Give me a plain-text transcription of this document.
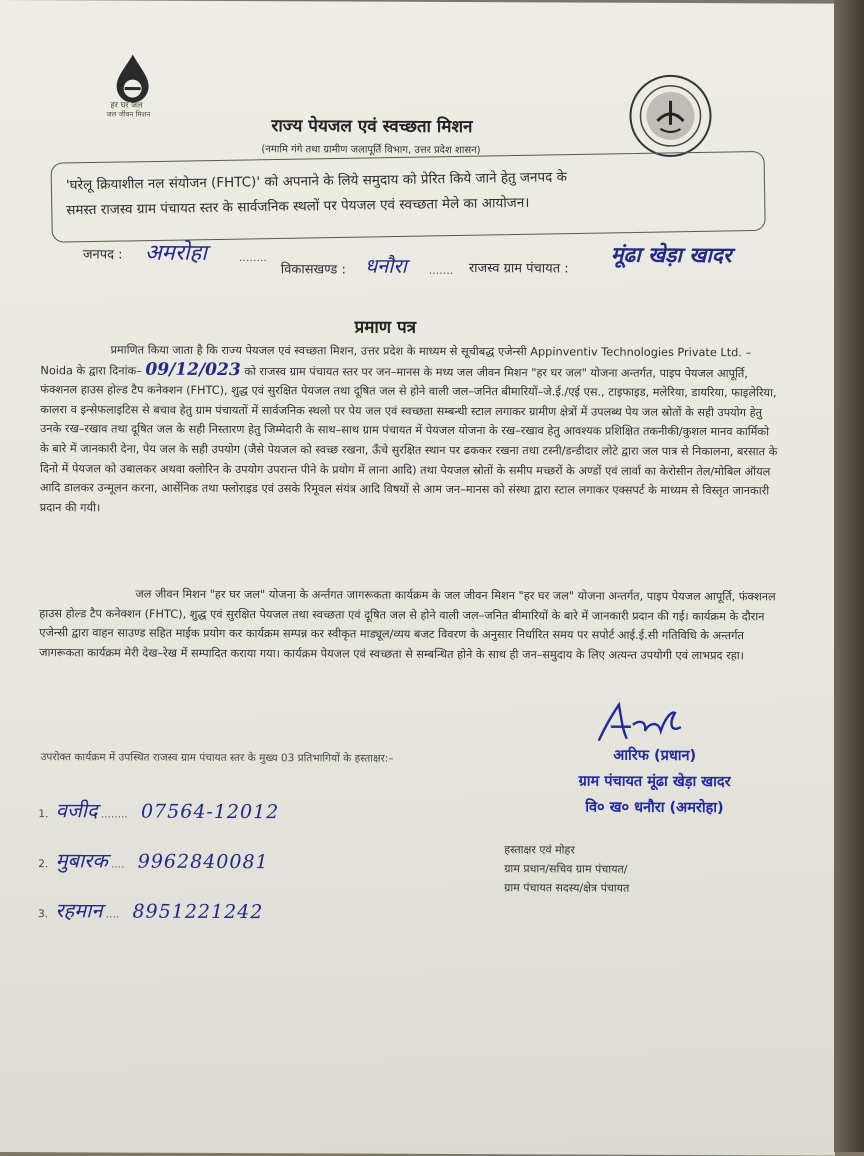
हर घर जल
जल जीवन मिशन
राज्य पेयजल एवं स्वच्छता मिशन
(नमामि गंगे तथा ग्रामीण जलापूर्ति विभाग, उत्तर प्रदेश शासन)

'घरेलू क्रियाशील नल संयोजन (FHTC)' को अपनाने के लिये समुदाय को प्रेरित किये जाने हेतु जनपद के
समस्त राजस्व ग्राम पंचायत स्तर के सार्वजनिक स्थलों पर पेयजल एवं स्वच्छता मेले का आयोजन।

जनपद : अमरोहा	........
विकासखण्ड : धनौरा ....... राजस्व ग्राम पंचायत :
मूंढा खेड़ा खादर
प्रमाण पत्र

प्रमाणित किया जाता है कि राज्य पेयजल एवं स्वच्छता मिशन, उत्तर प्रदेश के माध्यम से सूचीबद्ध एजेन्सी Appinventiv Technologies Private Ltd. – Noida के द्वारा दिनांक– 09/12/023 को राजस्व ग्राम पंचायत स्तर पर जन–मानस के मध्य जल जीवन मिशन "हर घर जल" योजना अन्तर्गत, पाइप पेयजल आपूर्ति, फंक्शनल हाउस होल्ड टैप कनेक्शन (FHTC), शुद्ध एवं सुरक्षित पेयजल तथा दूषित जल से होने वाली जल–जनित बीमारियों–जे.ई./एई एस., टाइफाइड, मलेरिया, डायरिया, फाइलेरिया, कालरा व इन्सेफलाइटिस से बचाव हेतु ग्राम पंचायतों में सार्वजनिक स्थलो पर पेय जल एवं स्वच्छता सम्बन्धी स्टाल लगाकर ग्रामीण क्षेत्रों में उपलब्ध पेय जल स्रोतों के सही उपयोग हेतु उनके रख–रखाव तथा दूषित जल के सही निस्तारण हेतु जिम्मेदारी के साथ–साथ ग्राम पंचायत में पेयजल योजना के रख–रखाव हेतु आवश्यक प्रशिक्षित तकनीकी/कुशल मानव कार्मिको के बारे में जानकारी देना, पेय जल के सही उपयोग (जैसे पेयजल को स्वच्छ रखना, ऊँचे सुरक्षित स्थान पर ढककर रखना तथा टस्नी/डन्डीदार लोटे द्वारा जल पात्र से निकालना, बरसात के दिनो में पेयजल को उबालकर अथवा क्लोरिन के उपयोग उपरान्त पीने के प्रयोग में लाना आदि) तथा पेयजल स्रोतों के समीप मच्छरों के अण्डों एवं लार्वा का केरोसीन तेल/मोबिल ऑयल आदि डालकर उन्मूलन करना, आर्सेनिक तथा फ्लोराइड एवं उसके रिमूवल संयंत्र आदि विषयों से आम जन–मानस को संस्था द्वारा स्टाल लगाकर एक्सपर्ट के माध्यम से विस्तृत जानकारी प्रदान की गयी।

जल जीवन मिशन "हर घर जल" योजना के अर्न्तगत जागरूकता कार्यक्रम के जल जीवन मिशन "हर घर जल" योजना अन्तर्गत, पाइप पेयजल आपूर्ति, फंक्शनल हाउस होल्ड टैप कनेक्शन (FHTC), शुद्ध एवं सुरक्षित पेयजल तथा स्वच्छता एवं दूषित जल से होने वाली जल–जनित बीमारियों के बारे में जानकारी प्रदान की गई। कार्यक्रम के दौरान एजेन्सी द्वारा वाहन साउण्ड सहित माईक प्रयोग कर कार्यक्रम सम्पन्न कर स्वीकृत माड्यूल/व्यय बजट विवरण के अनुसार निर्धारित समय पर सपोर्ट आई.ई.सी गतिविधि के अन्तर्गत जागरूकता कार्यक्रम मेरी देख–रेख में सम्पादित कराया गया। कार्यक्रम पेयजल एवं स्वच्छता से सम्बन्धित होने के साथ ही जन–समुदाय के लिए अत्यन्त उपयोगी एवं लाभप्रद रहा।

उपरोक्त कार्यक्रम में उपस्थित राजस्व ग्राम पंचायत स्तर के मुख्य 03 प्रतिभागियों के हस्ताक्षर:–
1. वजीद ........ 07564-12012
2. मुबारक .... 9962840081
3. रहमान .... 8951221242
आरिफ (प्रधान)
ग्राम पंचायत मूंढा खेड़ा खादर
वि० ख० धनौरा (अमरोहा)
हस्ताक्षर एवं मोहर
ग्राम प्रधान/सचिव ग्राम पंचायत/
ग्राम पंचायत सदस्य/क्षेत्र पंचायत
